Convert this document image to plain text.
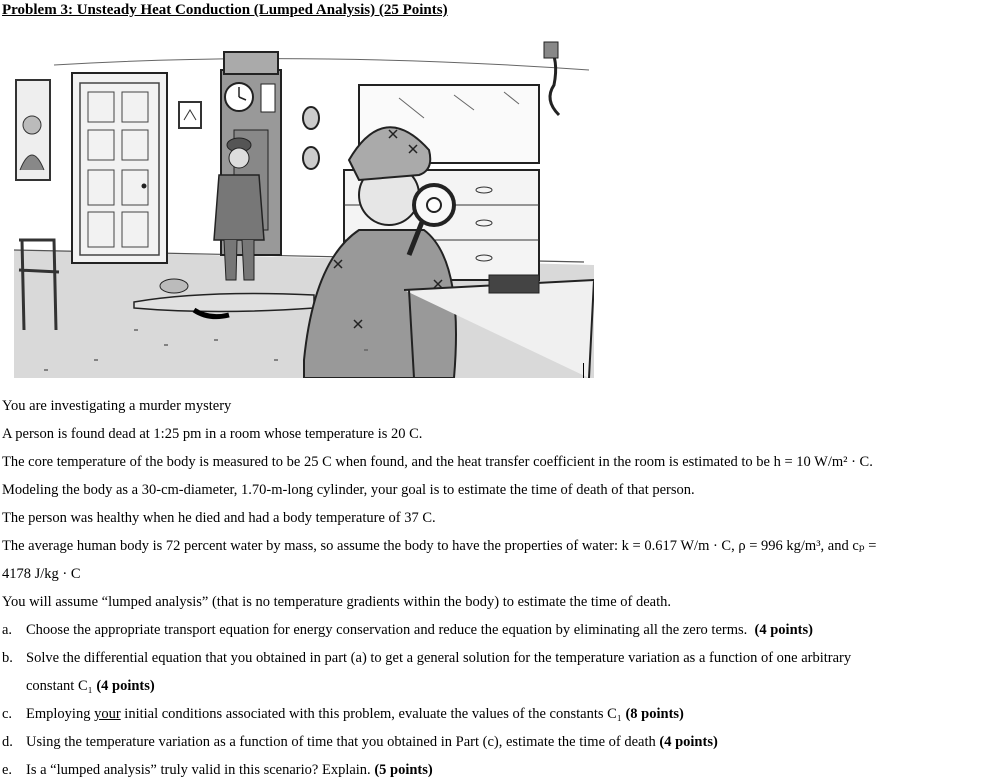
Problem 3: Unsteady Heat Conduction (Lumped Analysis) (25 Points)
You are investigating a murder mystery
A person is found dead at 1:25 pm in a room whose temperature is 20 C.
The core temperature of the body is measured to be 25 C when found, and the heat transfer coefficient in the room is estimated to be h = 10 W/m² · C.
Modeling the body as a 30-cm-diameter, 1.70-m-long cylinder, your goal is to estimate the time of death of that person.
The person was healthy when he died and had a body temperature of 37 C.
The average human body is 72 percent water by mass, so assume the body to have the properties of water: k = 0.617 W/m · C, ρ = 996 kg/m³, and cₚ =
4178 J/kg · C
You will assume “lumped analysis” (that is no temperature gradients within the body) to estimate the time of death.
a. Choose the appropriate transport equation for energy conservation and reduce the equation by eliminating all the zero terms. (4 points)
b. Solve the differential equation that you obtained in part (a) to get a general solution for the temperature variation as a function of one arbitrary
constant C₁ (4 points)
c. Employing your initial conditions associated with this problem, evaluate the values of the constants C₁ (8 points)
d. Using the temperature variation as a function of time that you obtained in Part (c), estimate the time of death (4 points)
e. Is a “lumped analysis” truly valid in this scenario? Explain. (5 points)
